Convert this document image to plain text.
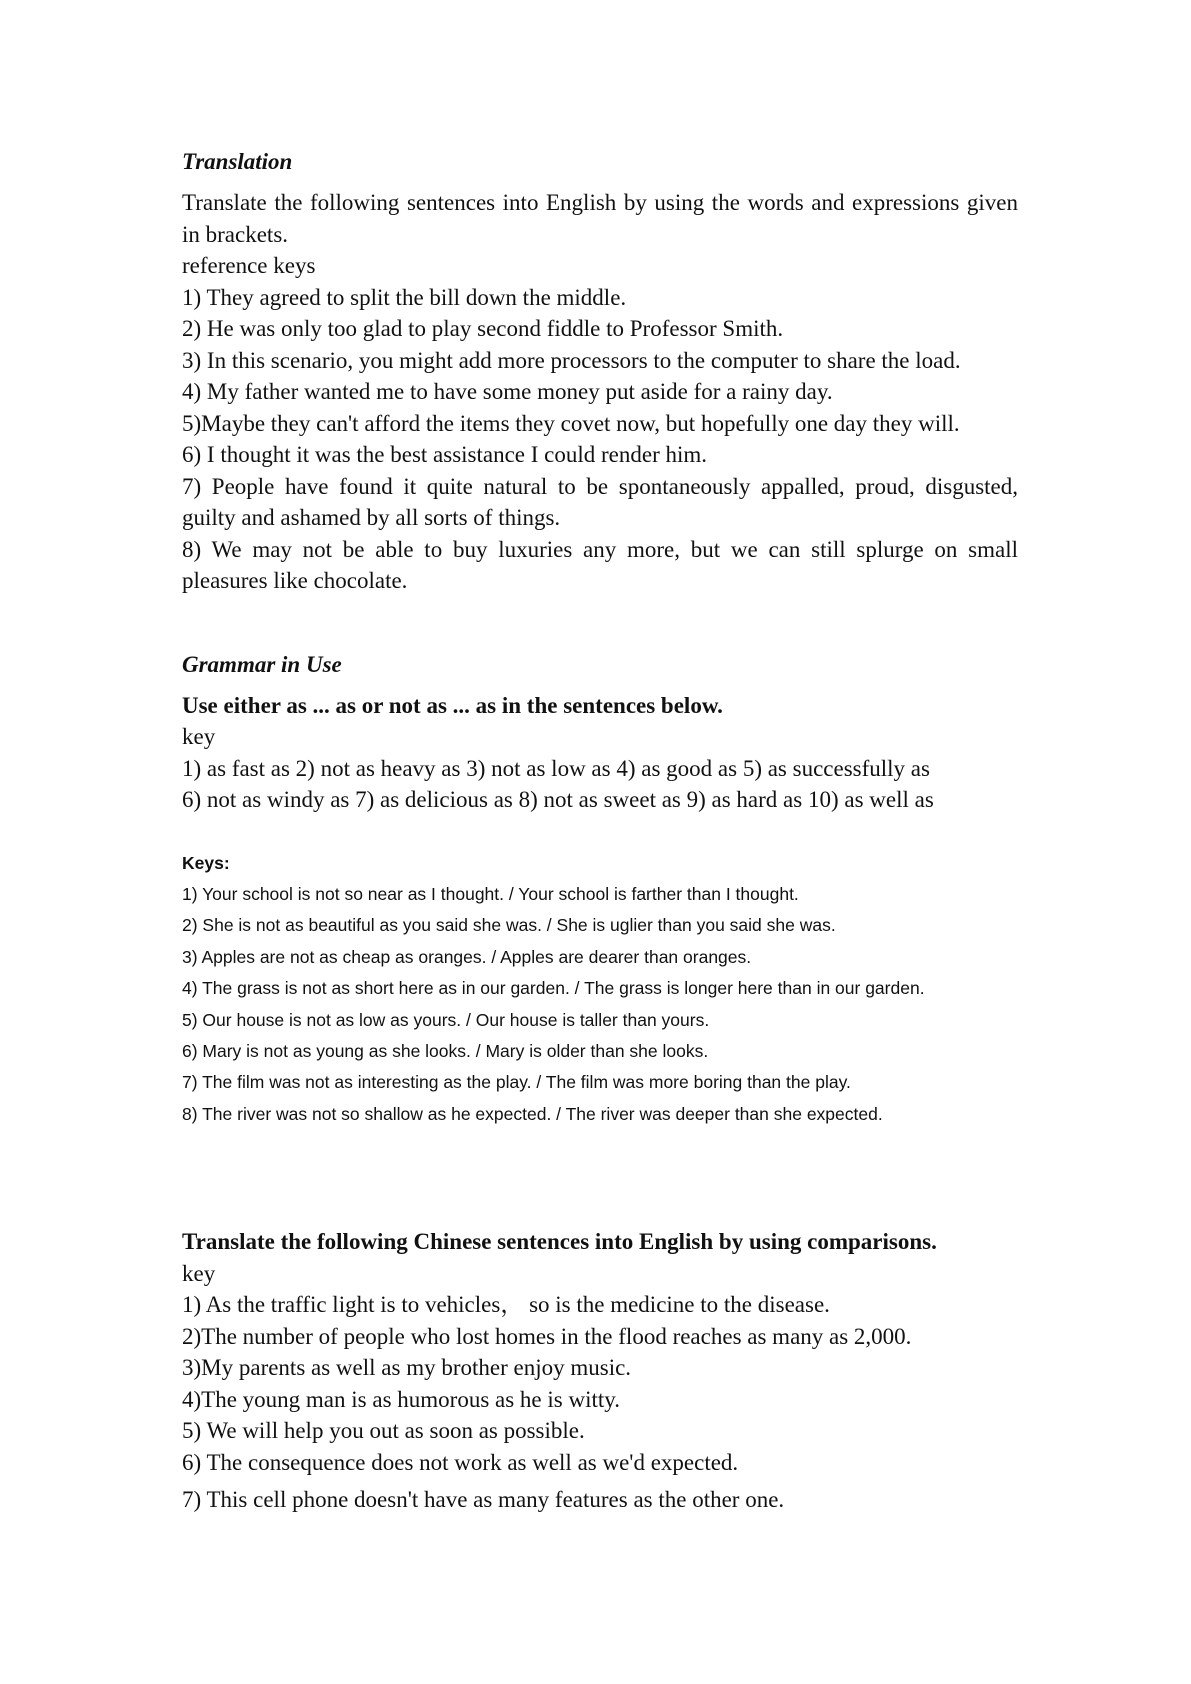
Translation
Translate the following sentences into English by using the words and expressions given in brackets.
reference keys
1) They agreed to split the bill down the middle.
2) He was only too glad to play second fiddle to Professor Smith.
3) In this scenario, you might add more processors to the computer to share the load.
4) My father wanted me to have some money put aside for a rainy day.
5)Maybe they can't afford the items they covet now, but hopefully one day they will.
6) I thought it was the best assistance I could render him.
7) People have found it quite natural to be spontaneously appalled, proud, disgusted, guilty and ashamed by all sorts of things.
8) We may not be able to buy luxuries any more, but we can still splurge on small pleasures like chocolate.
Grammar in Use
Use either as ... as or not as ... as in the sentences below.
key
1) as fast as 2) not as heavy as 3) not as low as 4) as good as 5) as successfully as
6) not as windy as 7) as delicious as 8) not as sweet as 9) as hard as 10) as well as
Keys:
1) Your school is not so near as I thought. / Your school is farther than I thought.
2) She is not as beautiful as you said she was. / She is uglier than you said she was.
3) Apples are not as cheap as oranges. / Apples are dearer than oranges.
4) The grass is not as short here as in our garden. / The grass is longer here than in our garden.
5) Our house is not as low as yours. / Our house is taller than yours.
6) Mary is not as young as she looks. / Mary is older than she looks.
7) The film was not as interesting as the play. / The film was more boring than the play.
8) The river was not so shallow as he expected. / The river was deeper than she expected.
Translate the following Chinese sentences into English by using comparisons.
key
1) As the traffic light is to vehicles， so is the medicine to the disease.
2)The number of people who lost homes in the flood reaches as many as 2,000.
3)My parents as well as my brother enjoy music.
4)The young man is as humorous as he is witty.
5) We will help you out as soon as possible.
6) The consequence does not work as well as we'd expected.
7) This cell phone doesn't have as many features as the other one.
